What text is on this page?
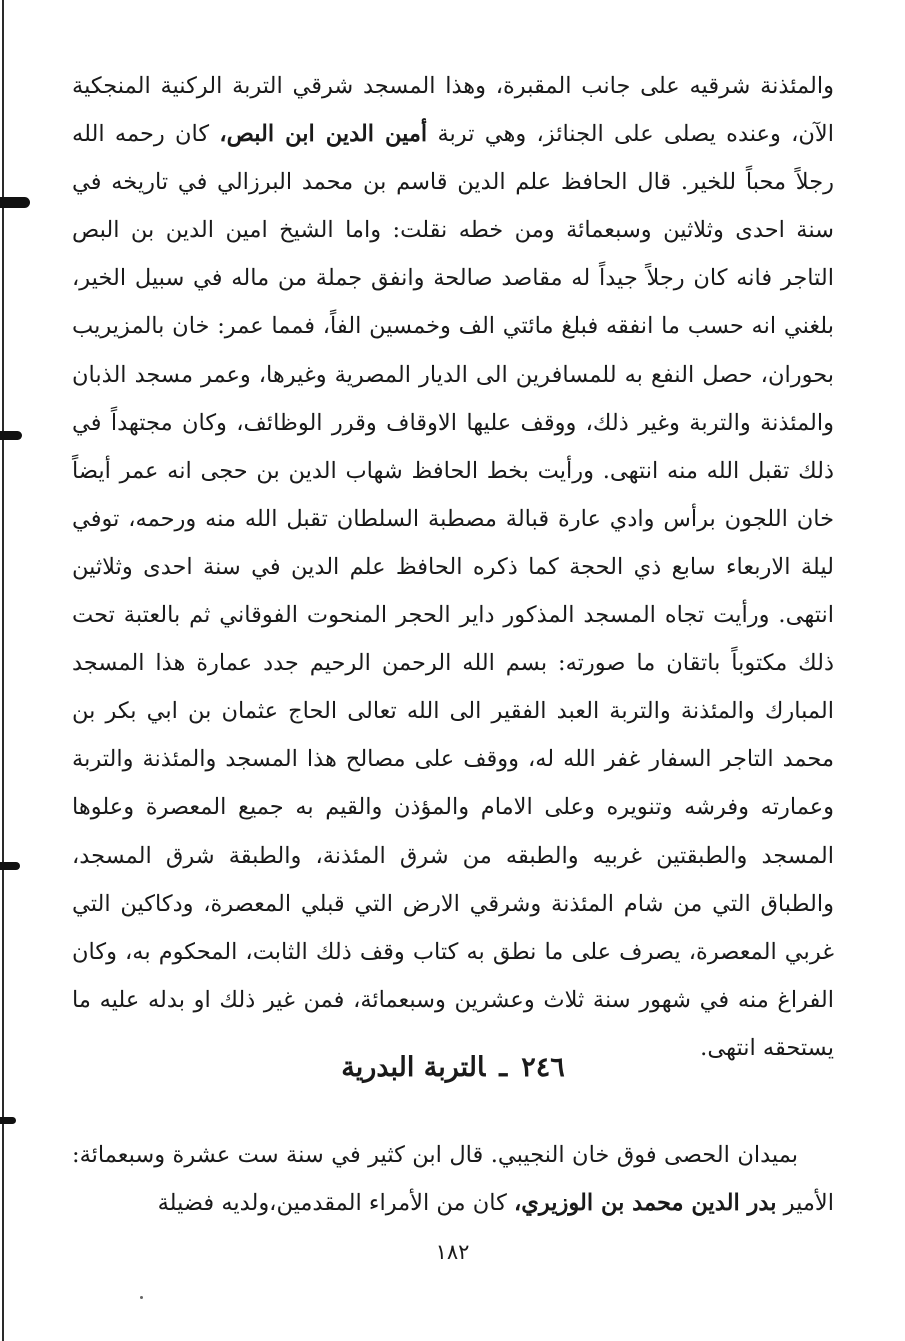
والمئذنة شرقيه على جانب المقبرة، وهذا المسجد شرقي التربة الركنية المنجكية الآن، وعنده يصلى على الجنائز، وهي تربة أمين الدين ابن البص، كان رحمه الله رجلاً محباً للخير. قال الحافظ علم الدين قاسم بن محمد البرزالي في تاريخه في سنة احدى وثلاثين وسبعمائة ومن خطه نقلت: واما الشيخ امين الدين بن البص التاجر فانه كان رجلاً جيداً له مقاصد صالحة وانفق جملة من ماله في سبيل الخير، بلغني انه حسب ما انفقه فبلغ مائتي الف وخمسين الفاً، فمما عمر: خان بالمزيريب بحوران، حصل النفع به للمسافرين الى الديار المصرية وغيرها، وعمر مسجد الذبان والمئذنة والتربة وغير ذلك، ووقف عليها الاوقاف وقرر الوظائف، وكان مجتهداً في ذلك تقبل الله منه انتهى. ورأيت بخط الحافظ شهاب الدين بن حجى انه عمر أيضاً خان اللجون برأس وادي عارة قبالة مصطبة السلطان تقبل الله منه ورحمه، توفي ليلة الاربعاء سابع ذي الحجة كما ذكره الحافظ علم الدين في سنة احدى وثلاثين انتهى. ورأيت تجاه المسجد المذكور داير الحجر المنحوت الفوقاني ثم بالعتبة تحت ذلك مكتوباً باتقان ما صورته: بسم الله الرحمن الرحيم جدد عمارة هذا المسجد المبارك والمئذنة والتربة العبد الفقير الى الله تعالى الحاج عثمان بن ابي بكر بن محمد التاجر السفار غفر الله له، ووقف على مصالح هذا المسجد والمئذنة والتربة وعمارته وفرشه وتنويره وعلى الامام والمؤذن والقيم به جميع المعصرة وعلوها المسجد والطبقتين غربيه والطبقه من شرق المئذنة، والطبقة شرق المسجد، والطباق التي من شام المئذنة وشرقي الارض التي قبلي المعصرة، ودكاكين التي غربي المعصرة، يصرف على ما نطق به كتاب وقف ذلك الثابت، المحكوم به، وكان الفراغ منه في شهور سنة ثلاث وعشرين وسبعمائة، فمن غير ذلك او بدله عليه ما يستحقه انتهى.

٢٤٦ـالتربة البدرية

بميدان الحصى فوق خان النجيبي. قال ابن كثير في سنة ست عشرة وسبعمائة: الأمير بدر الدين محمد بن الوزيري، كان من الأمراء المقدمين،ولديه فضيلة

١٨٢
